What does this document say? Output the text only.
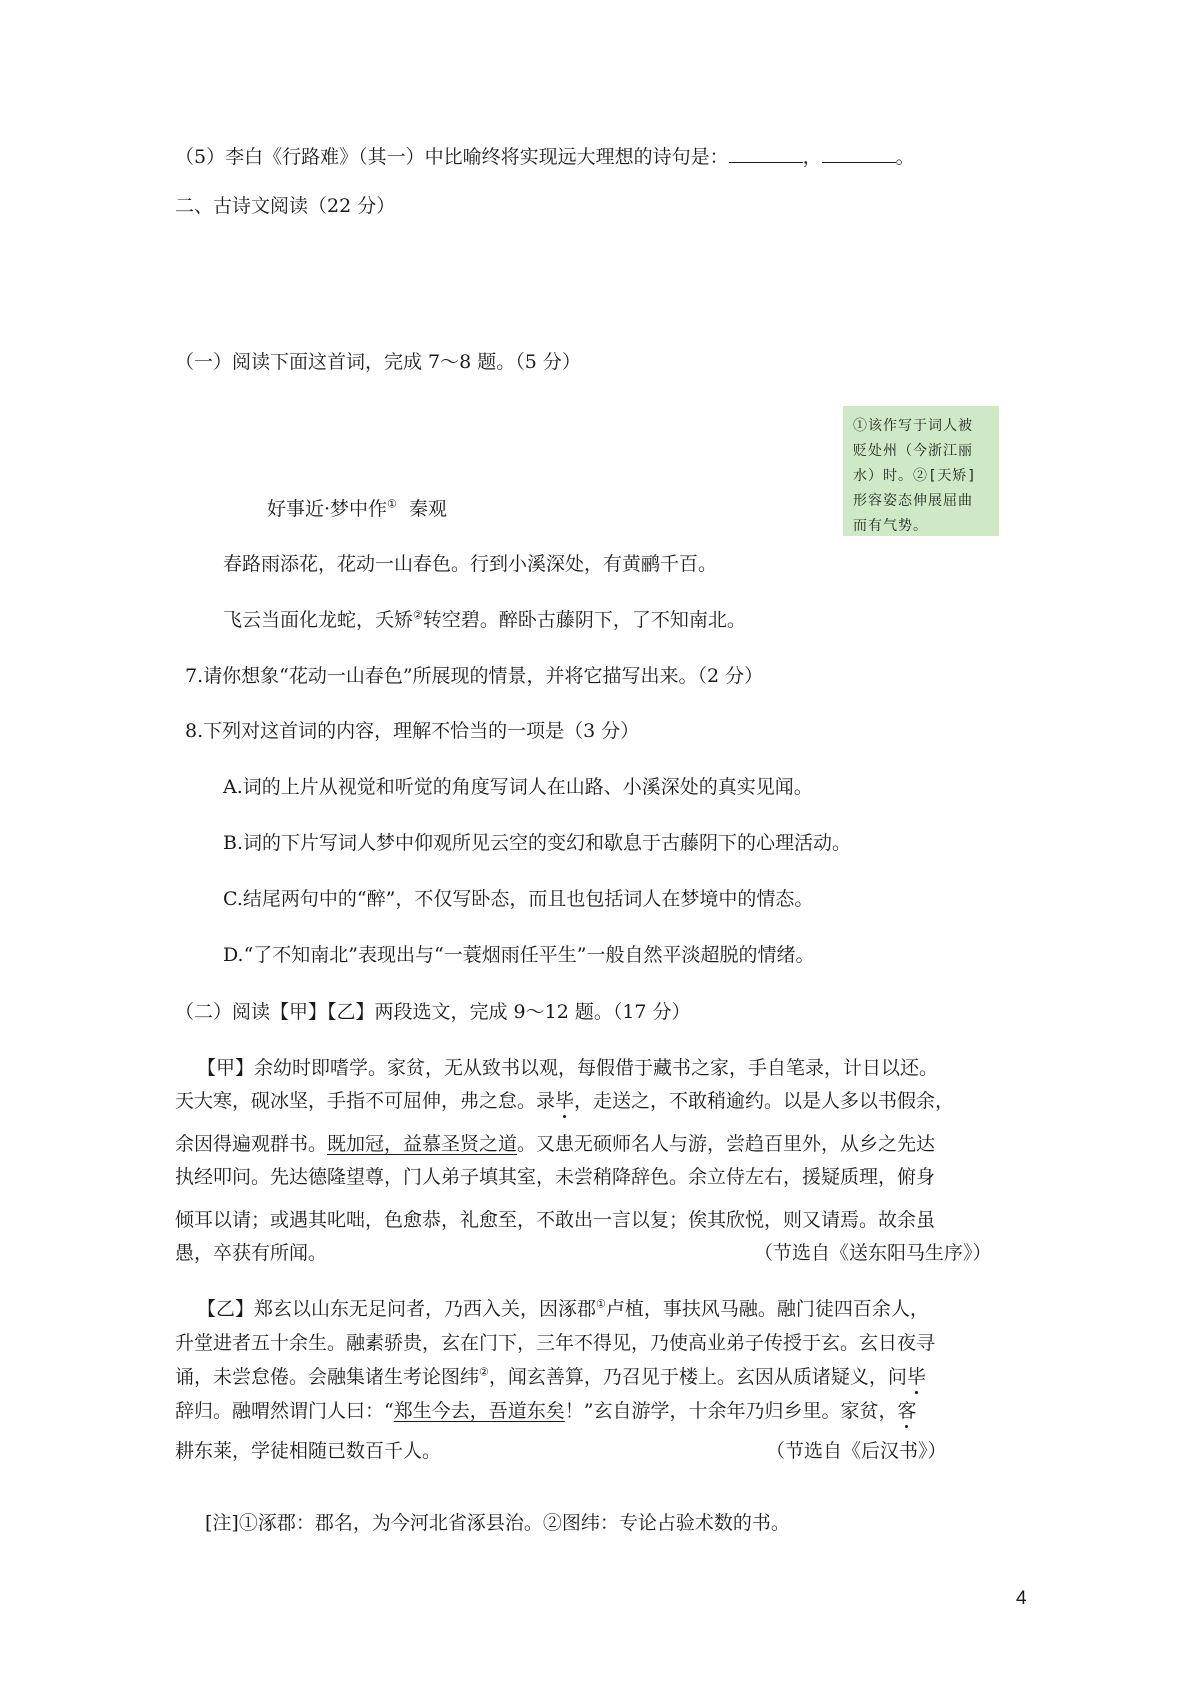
（5）李白《行路难》（其一）中比喻终将实现远大理想的诗句是：	，	。
二、古诗文阅读（22 分）
（一）阅读下面这首词，完成 7～8 题。（5 分）
①该作写于词人被
贬处州（今浙江丽
水）时。②[天矫]
形容姿态伸展屈曲
而有气势。
好事近·梦中作① 秦观
春路雨添花，花动一山春色。行到小溪深处，有黄鹂千百。
飞云当面化龙蛇，夭矫②转空碧。醉卧古藤阴下，了不知南北。
7.请你想象“花动一山春色”所展现的情景，并将它描写出来。（2 分）
8.下列对这首词的内容，理解不恰当的一项是（3 分）
A.词的上片从视觉和听觉的角度写词人在山路、小溪深处的真实见闻。
B.词的下片写词人梦中仰观所见云空的变幻和歇息于古藤阴下的心理活动。
C.结尾两句中的“醉”，不仅写卧态，而且也包括词人在梦境中的情态。
D.“了不知南北”表现出与“一蓑烟雨任平生”一般自然平淡超脱的情绪。
（二）阅读【甲】【乙】两段选文，完成 9～12 题。（17 分）
【甲】余幼时即嗜学。家贫，无从致书以观，每假借于藏书之家，手自笔录，计日以还。
天大寒，砚冰坚，手指不可屈伸，弗之怠。录毕，走送之，不敢稍逾约。以是人多以书假余，
余因得遍观群书。既加冠，益慕圣贤之道。又患无硕师名人与游，尝趋百里外，从乡之先达
执经叩问。先达德隆望尊，门人弟子填其室，未尝稍降辞色。余立侍左右，援疑质理，俯身
倾耳以请；或遇其叱咄，色愈恭，礼愈至，不敢出一言以复；俟其欣悦，则又请焉。故余虽
愚，卒获有所闻。	（节选自《送东阳马生序》）
【乙】郑玄以山东无足问者，乃西入关，因涿郡①卢植，事扶风马融。融门徒四百余人，
升堂进者五十余生。融素骄贵，玄在门下，三年不得见，乃使高业弟子传授于玄。玄日夜寻
诵，未尝怠倦。会融集诸生考论图纬②，闻玄善算，乃召见于楼上。玄因从质诸疑义，问毕
辞归。融喟然谓门人曰：“郑生今去，吾道东矣！”玄自游学，十余年乃归乡里。家贫，客
耕东莱，学徒相随已数百千人。	（节选自《后汉书》）
[注]①涿郡：郡名，为今河北省涿县治。②图纬：专论占验术数的书。
4
